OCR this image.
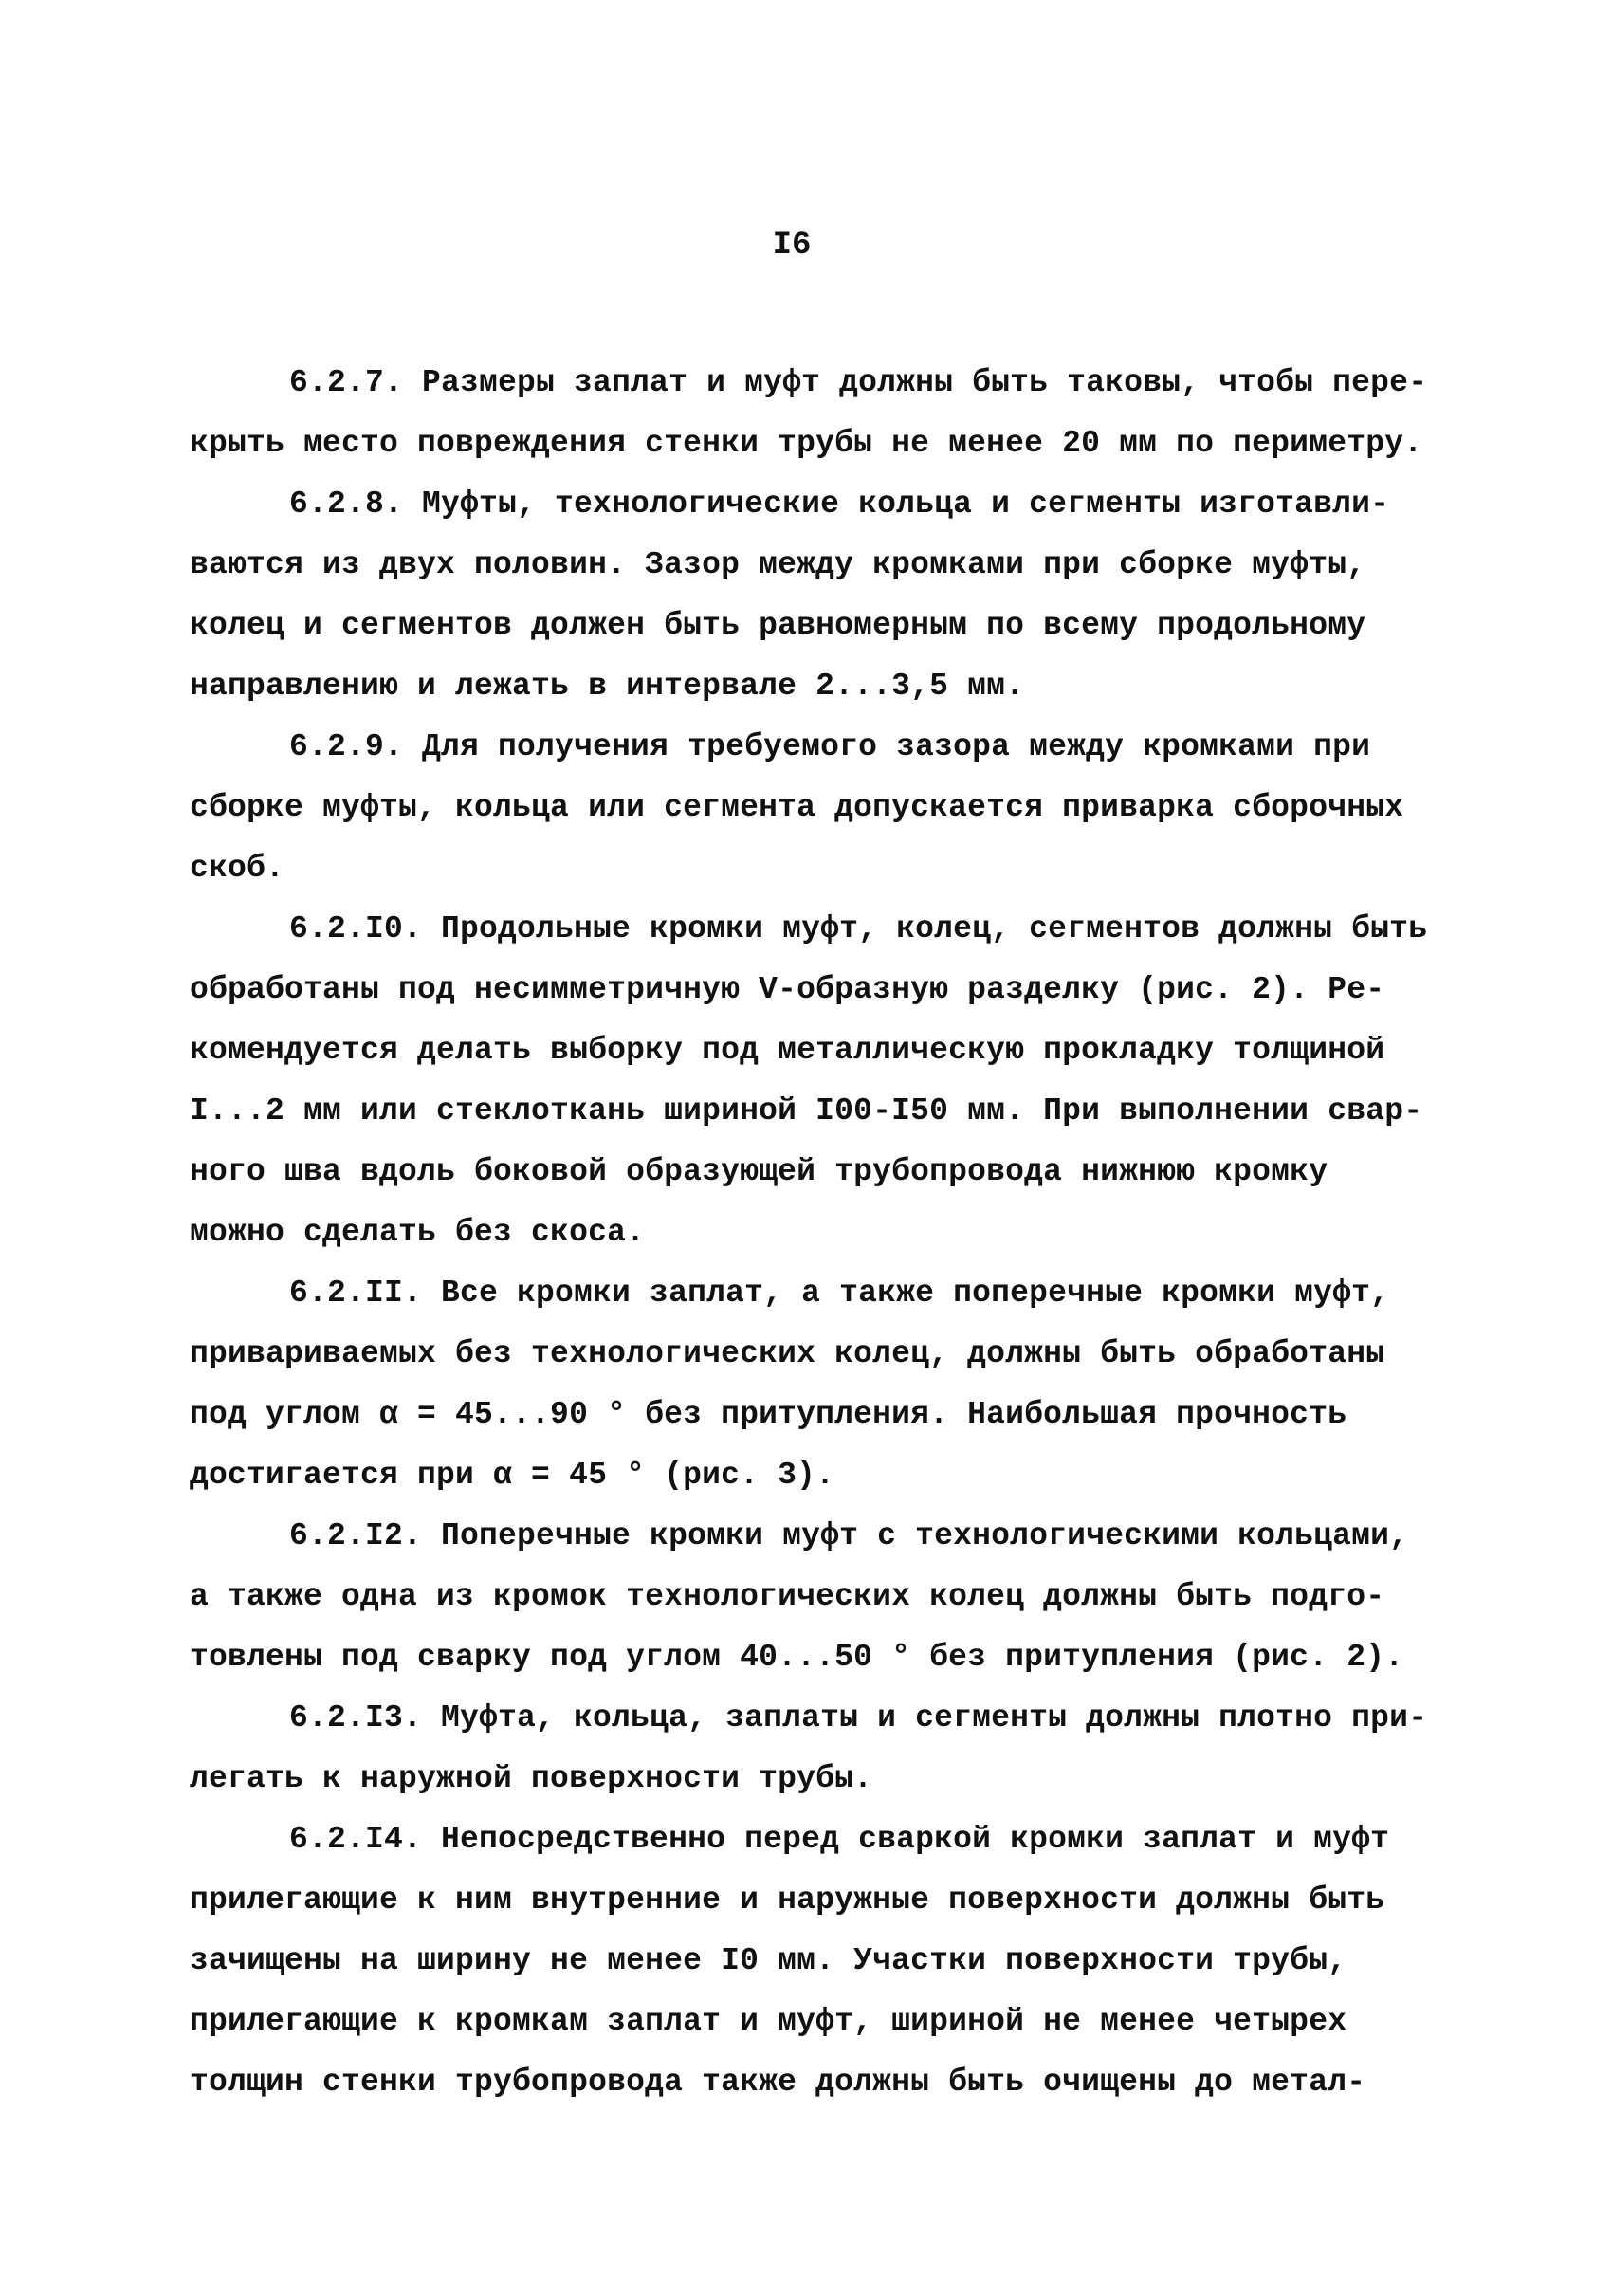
I6
6.2.7. Размеры заплат и муфт должны быть таковы, чтобы пере-
крыть место повреждения стенки трубы не менее 20 мм по периметру.
6.2.8. Муфты, технологические кольца и сегменты изготавли-
ваются из двух половин. Зазор между кромками при сборке муфты,
колец и сегментов должен быть равномерным по всему продольному
направлению и лежать в интервале 2...3,5 мм.
6.2.9. Для получения требуемого зазора между кромками при
сборке муфты, кольца или сегмента допускается приварка сборочных
скоб.
6.2.I0. Продольные кромки муфт, колец, сегментов должны быть
обработаны под несимметричную V-образную разделку (рис. 2). Ре-
комендуется делать выборку под металлическую прокладку толщиной
I...2 мм или стеклоткань шириной I00-I50 мм. При выполнении свар-
ного шва вдоль боковой образующей трубопровода нижнюю кромку
можно сделать без скоса.
6.2.II. Все кромки заплат, а также поперечные кромки муфт,
привариваемых без технологических колец, должны быть обработаны
под углом α = 45...90 ° без притупления. Наибольшая прочность
достигается при α = 45 ° (рис. 3).
6.2.I2. Поперечные кромки муфт с технологическими кольцами,
а также одна из кромок технологических колец должны быть подго-
товлены под сварку под углом 40...50 ° без притупления (рис. 2).
6.2.I3. Муфта, кольца, заплаты и сегменты должны плотно при-
легать к наружной поверхности трубы.
6.2.I4. Непосредственно перед сваркой кромки заплат и муфт
прилегающие к ним внутренние и наружные поверхности должны быть
зачищены на ширину не менее I0 мм. Участки поверхности трубы,
прилегающие к кромкам заплат и муфт, шириной не менее четырех
толщин стенки трубопровода также должны быть очищены до метал-
